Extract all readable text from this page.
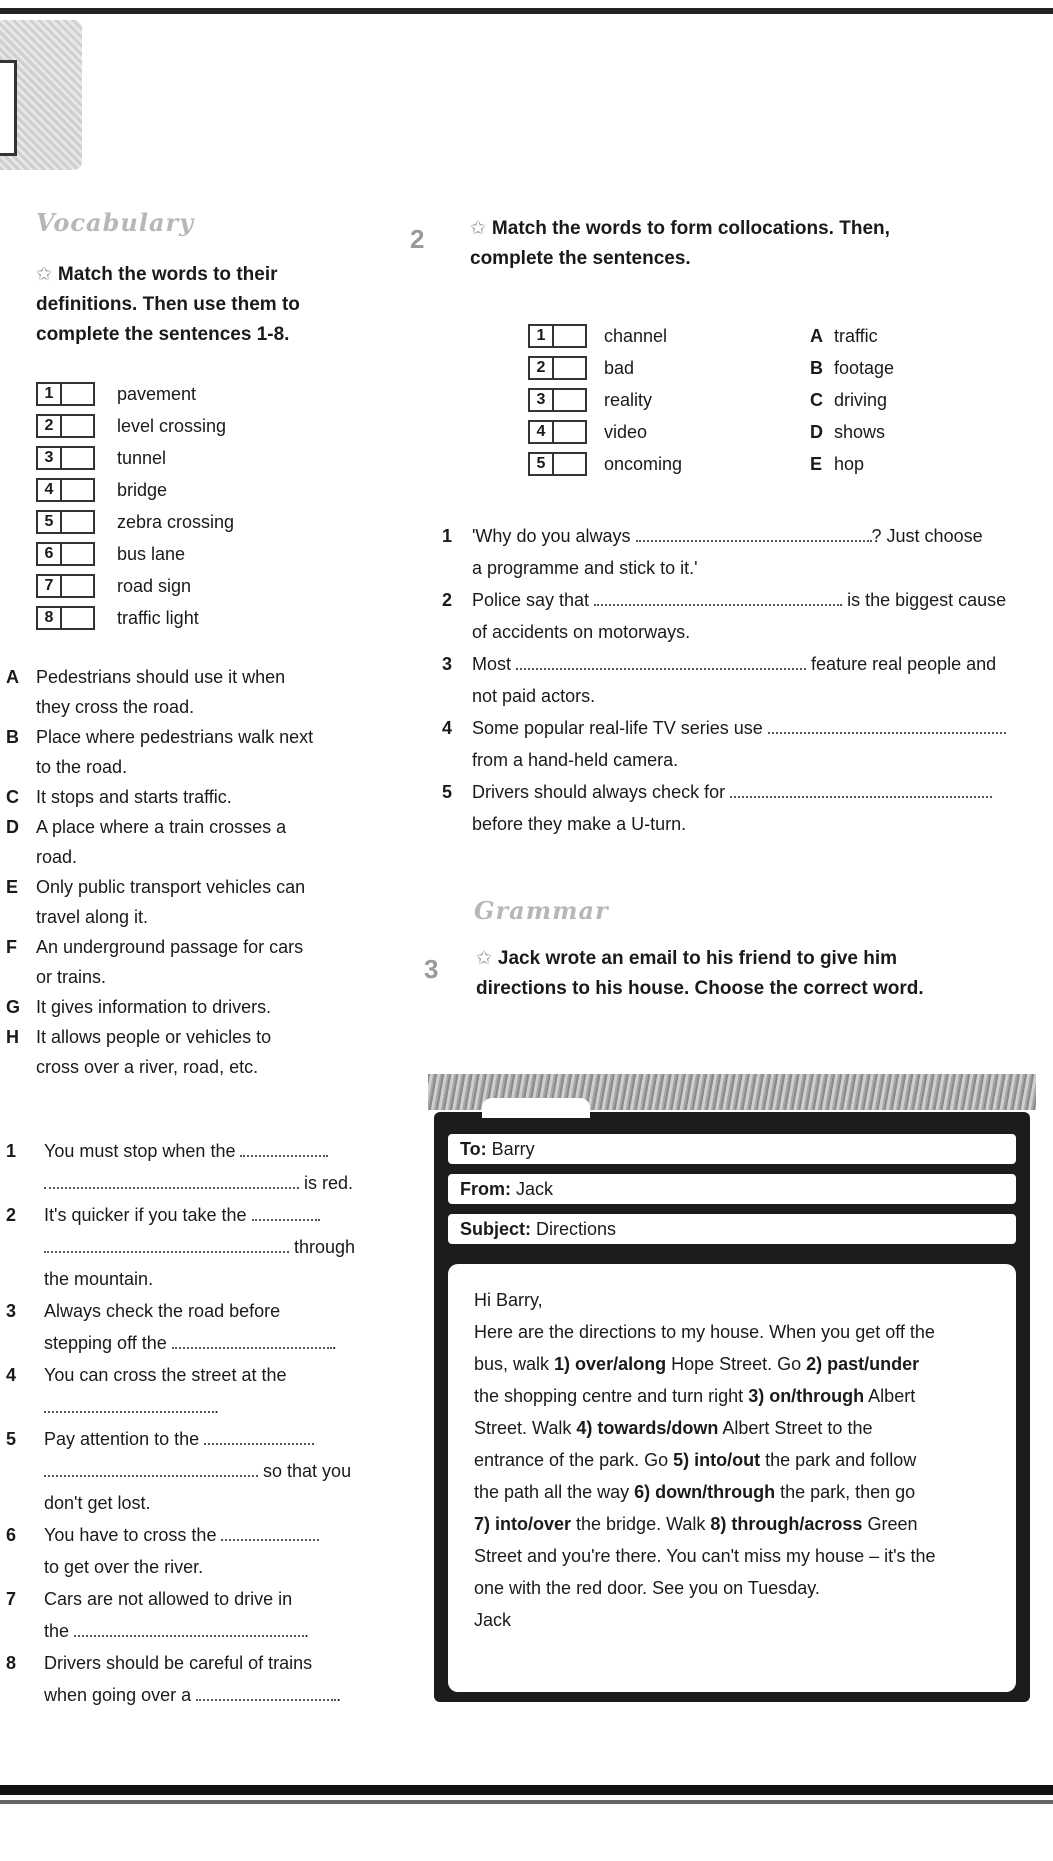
Vocabulary
✩ Match the words to their
definitions. Then use them to
complete the sentences 1-8.
1	pavement
2	level crossing
3	tunnel
4	bridge
5	zebra crossing
6	bus lane
7	road sign
8	traffic light
A Pedestrians should use it when
they cross the road.
B Place where pedestrians walk next
to the road.
C It stops and starts traffic.
D A place where a train crosses a
road.
E Only public transport vehicles can
travel along it.
F An underground passage for cars
or trains.
G It gives information to drivers.
H It allows people or vehicles to
cross over a river, road, etc.
1 You must stop when the
is red.
2 It's quicker if you take the
through
the mountain.
3 Always check the road before
stepping off the	.
4 You can cross the street at the
.
5 Pay attention to the
so that you
don't get lost.
6 You have to cross the
to get over the river.
7 Cars are not allowed to drive in
the	.
8 Drivers should be careful of trains
when going over a	.
2 ✩ Match the words to form collocations. Then,
complete the sentences.
1	channel	A traffic
2	bad	B footage
3	reality	C driving
4	video	D shows
5	oncoming	E hop
1 'Why do you always	? Just choose
a programme and stick to it.'
2 Police say that	is the biggest cause
of accidents on motorways.
3 Most	feature real people and
not paid actors.
4 Some popular real-life TV series use
from a hand-held camera.
5 Drivers should always check for
before they make a U-turn.
Grammar
3 ✩ Jack wrote an email to his friend to give him
directions to his house. Choose the correct word.
To: Barry
From: Jack
Subject: Directions

Hi Barry,

Here are the directions to my house. When you get off the

bus, walk 1) over/along Hope Street. Go 2) past/under

the shopping centre and turn right 3) on/through Albert

Street. Walk 4) towards/down Albert Street to the

entrance of the park. Go 5) into/out the park and follow

the path all the way 6) down/through the park, then go

7) into/over the bridge. Walk 8) through/across Green

Street and you're there. You can't miss my house – it's the

one with the red door. See you on Tuesday.

Jack
